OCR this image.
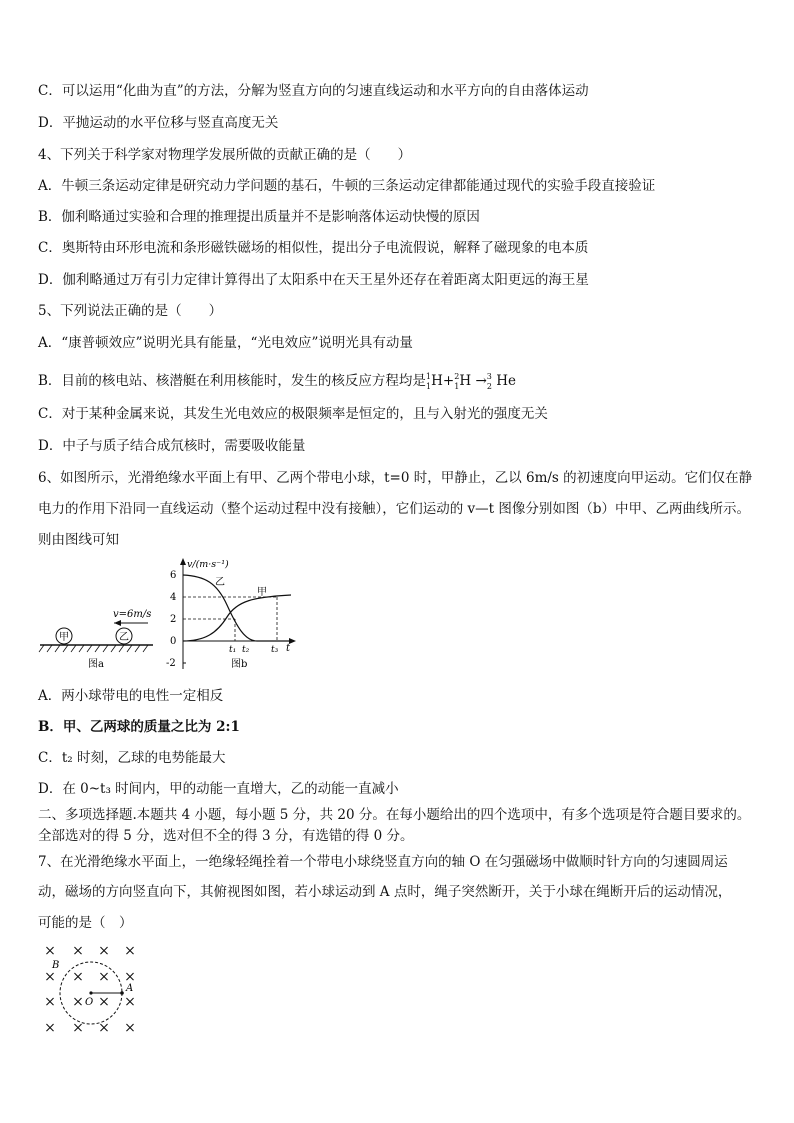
C．可以运用“化曲为直”的方法，分解为竖直方向的匀速直线运动和水平方向的自由落体运动
D．平抛运动的水平位移与竖直高度无关
4、下列关于科学家对物理学发展所做的贡献正确的是（　　）
A．牛顿三条运动定律是研究动力学问题的基石，牛顿的三条运动定律都能通过现代的实验手段直接验证
B．伽利略通过实验和合理的推理提出质量并不是影响落体运动快慢的原因
C．奥斯特由环形电流和条形磁铁磁场的相似性，提出分子电流假说，解释了磁现象的电本质
D．伽利略通过万有引力定律计算得出了太阳系中在天王星外还存在着距离太阳更远的海王星
5、下列说法正确的是（　　）
A．“康普顿效应”说明光具有能量，“光电效应”说明光具有动量
B．目前的核电站、核潜艇在利用核能时，发生的核反应方程均是$^1_1$H+$^2_1$H →$^3_2$ He
C．对于某种金属来说，其发生光电效应的极限频率是恒定的，且与入射光的强度无关
D．中子与质子结合成氘核时，需要吸收能量
6、如图所示，光滑绝缘水平面上有甲、乙两个带电小球，t=0 时，甲静止，乙以 6m/s 的初速度向甲运动。它们仅在静
电力的作用下沿同一直线运动（整个运动过程中没有接触），它们运动的 v—t 图像分别如图（b）中甲、乙两曲线所示。
则由图线可知
v=6m/s
甲	乙
图a
v/(m·s⁻¹)
t
6
4
2
0
-2
乙
甲
t₁ t₂ t₃
图b
A．两小球带电的电性一定相反
B．甲、乙两球的质量之比为 2:1
C．t₂ 时刻，乙球的电势能最大
D．在 0~t₃ 时间内，甲的动能一直增大，乙的动能一直减小
二、多项选择题.本题共 4 小题，每小题 5 分，共 20 分。在每小题给出的四个选项中，有多个选项是符合题目要求的。
全部选对的得 5 分，选对但不全的得 3 分，有选错的得 0 分。
7、在光滑绝缘水平面上，一绝缘轻绳拴着一个带电小球绕竖直方向的轴 O 在匀强磁场中做顺时针方向的匀速圆周运
动，磁场的方向竖直向下，其俯视图如图，若小球运动到 A 点时，绳子突然断开，关于小球在绳断开后的运动情况，
可能的是（　）
× × × ×
× × × ×
× × × ×
× × × ×
B
O
A
